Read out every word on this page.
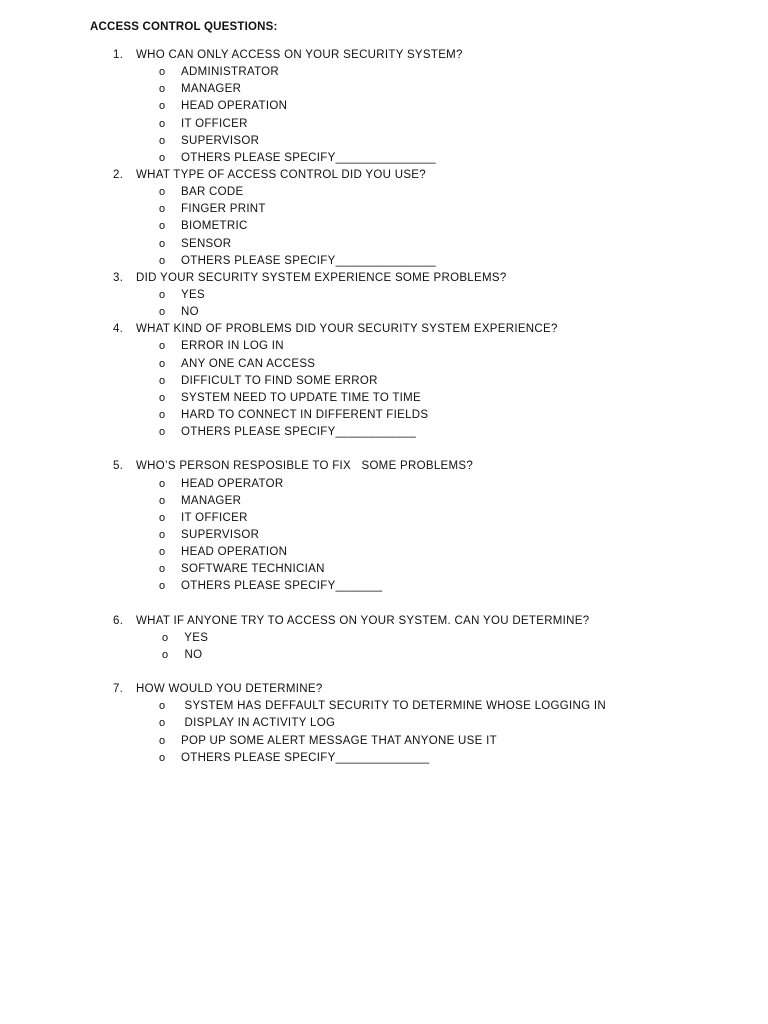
ACCESS CONTROL QUESTIONS:
1. WHO CAN ONLY ACCESS ON YOUR SECURITY SYSTEM?
o ADMINISTRATOR
o MANAGER
o HEAD OPERATION
o IT OFFICER
o SUPERVISOR
o OTHERS PLEASE SPECIFY_______________
2. WHAT TYPE OF ACCESS CONTROL DID YOU USE?
o BAR CODE
o FINGER PRINT
o BIOMETRIC
o SENSOR
o OTHERS PLEASE SPECIFY_______________
3. DID YOUR SECURITY SYSTEM EXPERIENCE SOME PROBLEMS?
o YES
o NO
4. WHAT KIND OF PROBLEMS DID YOUR SECURITY SYSTEM EXPERIENCE?
o ERROR IN LOG IN
o ANY ONE CAN ACCESS
o DIFFICULT TO FIND SOME ERROR
o SYSTEM NEED TO UPDATE TIME TO TIME
o HARD TO CONNECT IN DIFFERENT FIELDS
o OTHERS PLEASE SPECIFY____________
5. WHO’S PERSON RESPOSIBLE TO FIX   SOME PROBLEMS?
o HEAD OPERATOR
o MANAGER
o IT OFFICER
o SUPERVISOR
o HEAD OPERATION
o SOFTWARE TECHNICIAN
o OTHERS PLEASE SPECIFY_______
6. WHAT IF ANYONE TRY TO ACCESS ON YOUR SYSTEM. CAN YOU DETERMINE?
o YES
o NO
7. HOW WOULD YOU DETERMINE?
o SYSTEM HAS DEFFAULT SECURITY TO DETERMINE WHOSE LOGGING IN
o DISPLAY IN ACTIVITY LOG
o POP UP SOME ALERT MESSAGE THAT ANYONE USE IT
o OTHERS PLEASE SPECIFY______________
